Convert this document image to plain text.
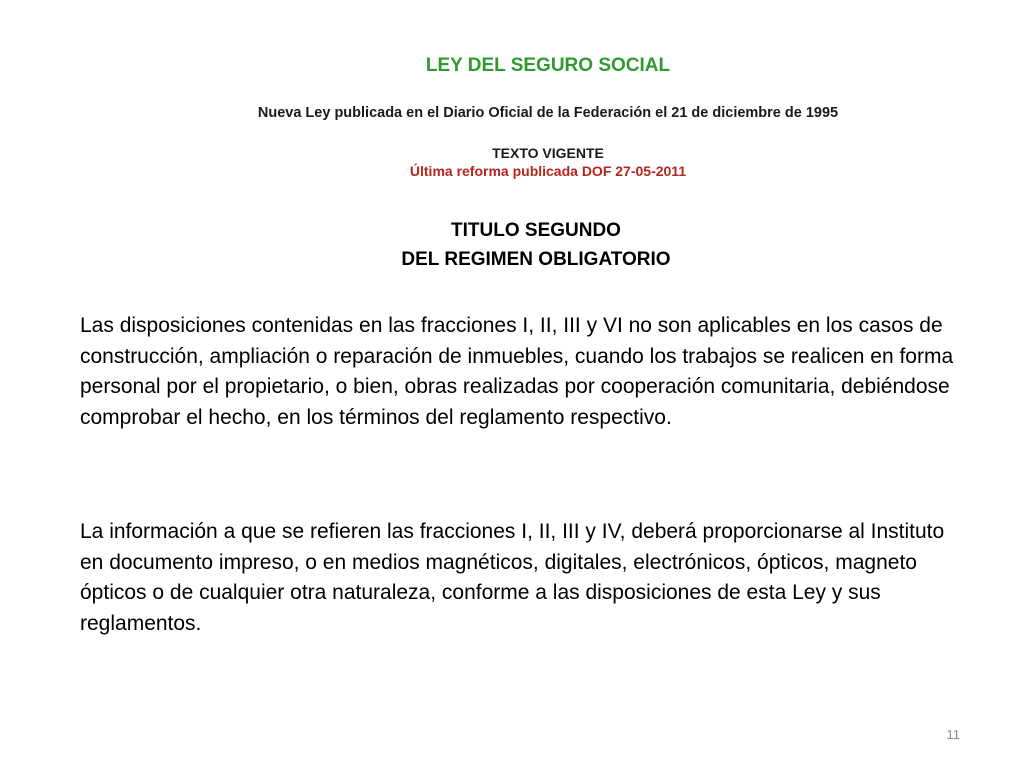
LEY DEL SEGURO SOCIAL
Nueva Ley publicada en el Diario Oficial de la Federación el 21 de diciembre de 1995
TEXTO VIGENTE
Última reforma publicada DOF 27-05-2011
TITULO SEGUNDO
DEL REGIMEN OBLIGATORIO
Las disposiciones contenidas en las fracciones I, II, III y VI no son aplicables en los casos de construcción, ampliación o reparación de inmuebles, cuando los trabajos se realicen en forma personal por el propietario, o bien, obras realizadas por cooperación comunitaria, debiéndose comprobar el hecho, en los términos del reglamento respectivo.
La información a que se refieren las fracciones I, II, III y IV, deberá proporcionarse al Instituto en documento impreso, o en medios magnéticos, digitales, electrónicos, ópticos, magneto ópticos o de cualquier otra naturaleza, conforme a las disposiciones de esta Ley y sus reglamentos.
11
